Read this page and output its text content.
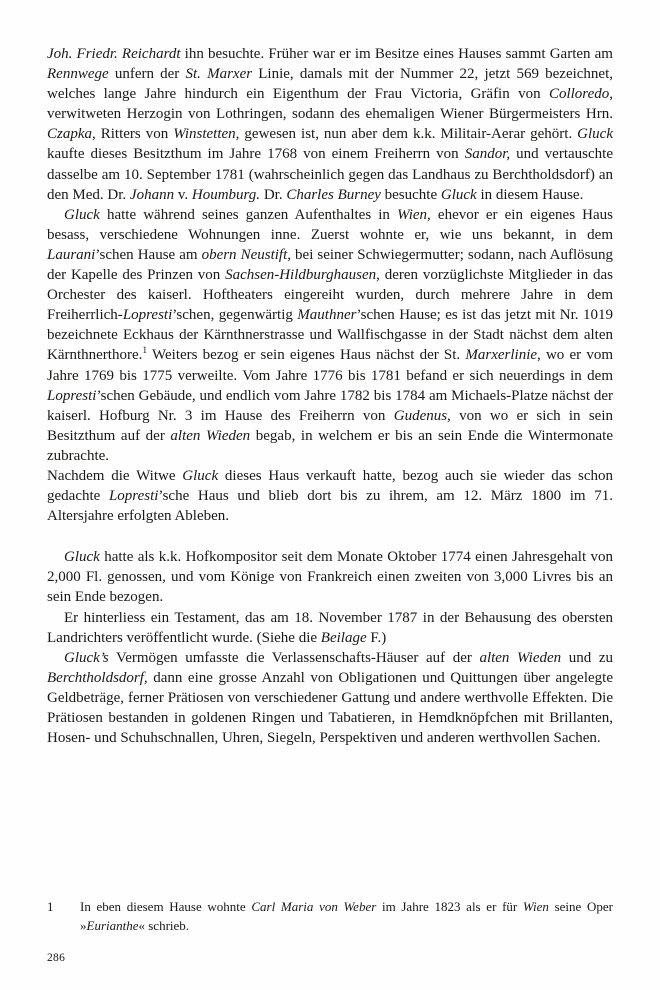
Joh. Friedr. Reichardt ihn besuchte. Früher war er im Besitze eines Hauses sammt Garten am Rennwege unfern der St. Marxer Linie, damals mit der Nummer 22, jetzt 569 bezeichnet, welches lange Jahre hindurch ein Eigenthum der Frau Victoria, Gräfin von Colloredo, verwitweten Herzogin von Lothringen, sodann des ehemaligen Wiener Bürgermeisters Hrn. Czapka, Ritters von Winstetten, gewesen ist, nun aber dem k.k. Militair-Aerar gehört. Gluck kaufte dieses Besitzthum im Jahre 1768 von einem Freiherrn von Sandor, und vertauschte dasselbe am 10. September 1781 (wahrscheinlich gegen das Landhaus zu Berchtholdsdorf) an den Med. Dr. Johann v. Houmburg. Dr. Charles Burney besuchte Gluck in diesem Hause.

Gluck hatte während seines ganzen Aufenthaltes in Wien, ehevor er ein eigenes Haus besass, verschiedene Wohnungen inne. Zuerst wohnte er, wie uns bekannt, in dem Laurani’schen Hause am obern Neustift, bei seiner Schwiegermutter; sodann, nach Auflösung der Kapelle des Prinzen von Sachsen-Hildburghausen, deren vorzüglichste Mitglieder in das Orchester des kaiserl. Hoftheaters eingereiht wurden, durch mehrere Jahre in dem Freiherrlich-Lopresti’schen, gegenwärtig Mauthner’schen Hause; es ist das jetzt mit Nr. 1019 bezeichnete Eckhaus der Kärnthnerstrasse und Wallfischgasse in der Stadt nächst dem alten Kärnthnerthore.$^1$ Weiters bezog er sein eigenes Haus nächst der St. Marxerlinie, wo er vom Jahre 1769 bis 1775 verweilte. Vom Jahre 1776 bis 1781 befand er sich neuerdings in dem Lopresti’schen Gebäude, und endlich vom Jahre 1782 bis 1784 am Michaels-Platze nächst der kaiserl. Hofburg Nr. 3 im Hause des Freiherrn von Gudenus, von wo er sich in sein Besitzthum auf der alten Wieden begab, in welchem er bis an sein Ende die Wintermonate zubrachte.

Nachdem die Witwe Gluck dieses Haus verkauft hatte, bezog auch sie wieder das schon gedachte Lopresti’sche Haus und blieb dort bis zu ihrem, am 12. März 1800 im 71. Altersjahre erfolgten Ableben.

Gluck hatte als k.k. Hofkompositor seit dem Monate Oktober 1774 einen Jahresgehalt von 2,000 Fl. genossen, und vom Könige von Frankreich einen zweiten von 3,000 Livres bis an sein Ende bezogen.

Er hinterliess ein Testament, das am 18. November 1787 in der Behausung des obersten Landrichters veröffentlicht wurde. (Siehe die Beilage F.)

Gluck’s Vermögen umfasste die Verlassenschafts-Häuser auf der alten Wieden und zu Berchtholdsdorf, dann eine grosse Anzahl von Obligationen und Quittungen über angelegte Geldbeträge, ferner Prätiosen von verschiedener Gattung und andere werthvolle Effekten. Die Prätiosen bestanden in goldenen Ringen und Tabatieren, in Hemdknöpfchen mit Brillanten, Hosen- und Schuhschnallen, Uhren, Siegeln, Perspektiven und anderen werthvollen Sachen.

1	In eben diesem Hause wohnte Carl Maria von Weber im Jahre 1823 als er für Wien seine Oper »Eurianthe« schrieb.
286
